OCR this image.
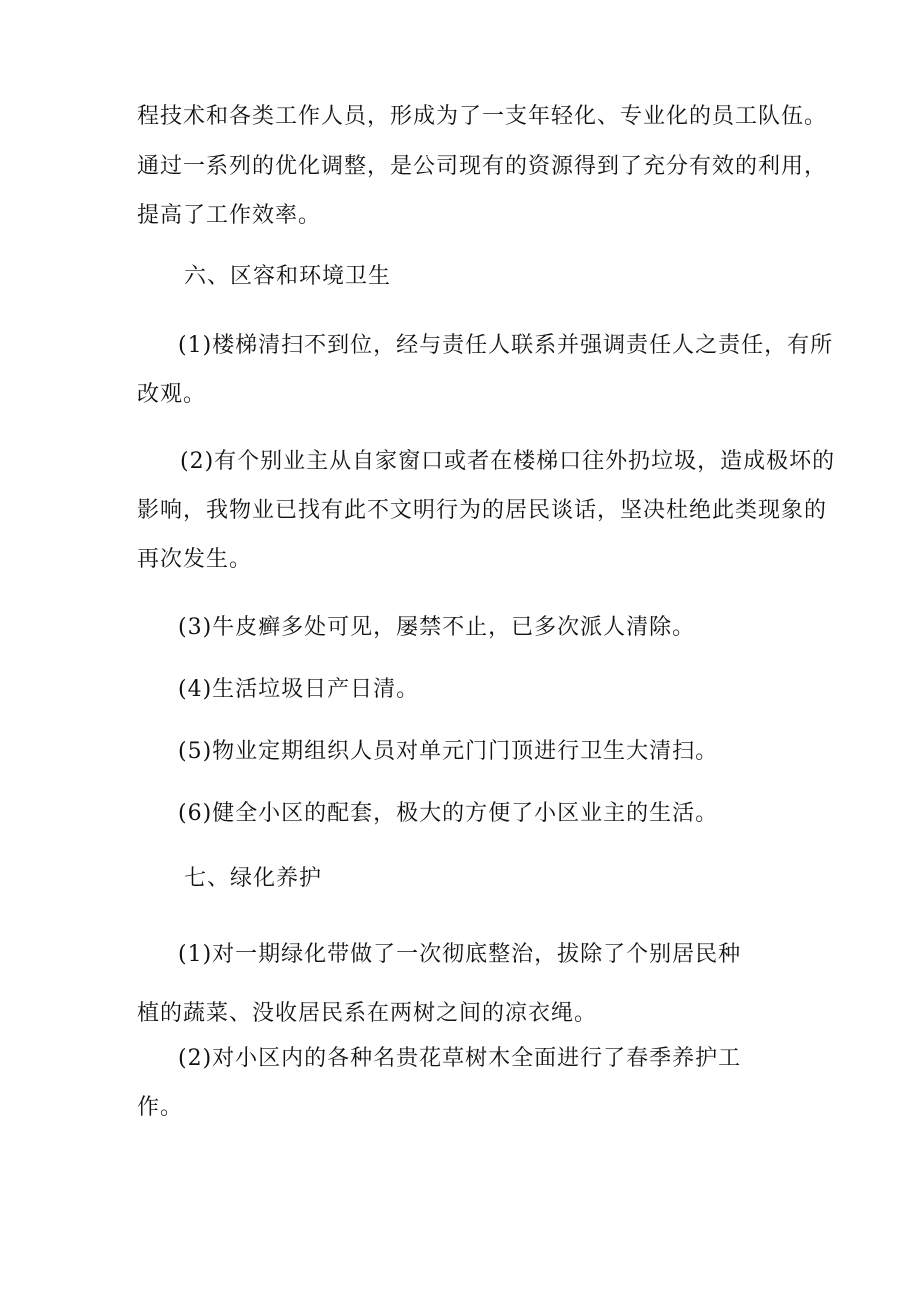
程技术和各类工作人员，形成为了一支年轻化、专业化的员工队伍。
通过一系列的优化调整，是公司现有的资源得到了充分有效的利用，
提高了工作效率。
六、区容和环境卫生
(1)楼梯清扫不到位，经与责任人联系并强调责任人之责任，有所
改观。
(2)有个别业主从自家窗口或者在楼梯口往外扔垃圾，造成极坏的
影响，我物业已找有此不文明行为的居民谈话，坚决杜绝此类现象的
再次发生。
(3)牛皮癣多处可见，屡禁不止，已多次派人清除。
(4)生活垃圾日产日清。
(5)物业定期组织人员对单元门门顶进行卫生大清扫。
(6)健全小区的配套，极大的方便了小区业主的生活。
七、绿化养护
(1)对一期绿化带做了一次彻底整治，拔除了个别居民种
植的蔬菜、没收居民系在两树之间的凉衣绳。
(2)对小区内的各种名贵花草树木全面进行了春季养护工
作。
